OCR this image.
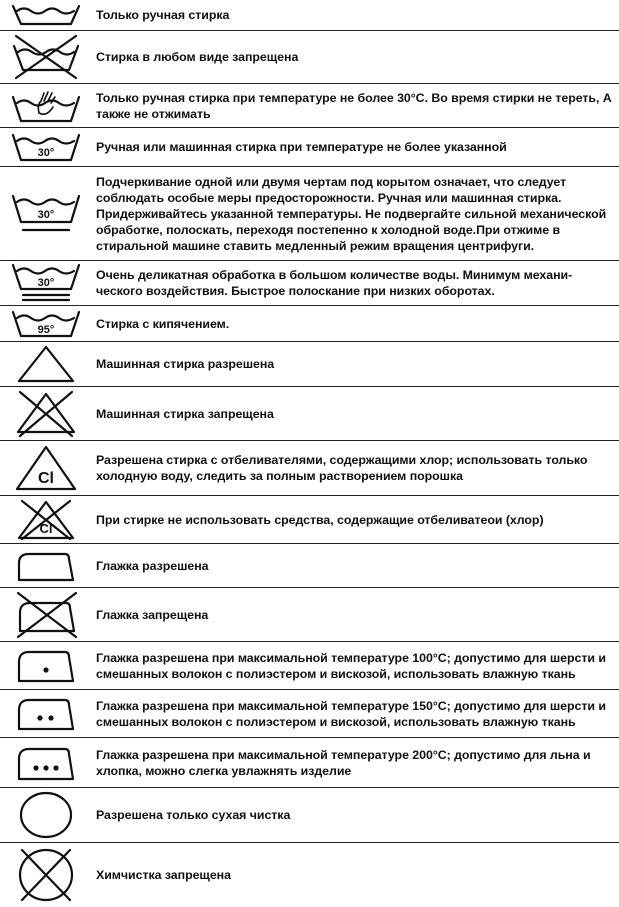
Только ручная стирка
Стирка в любом виде запрещена
Только ручная стирка при температуре не более 30°С. Во время стирки не тереть, А также не отжимать
30°	Ручная или машинная стирка при температуре не более указанной
30°
Подчеркивание одной или двумя чертам под корытом означает, что следует соблюдать особые меры предосторожности. Ручная или машинная стирка. Придерживайтесь указанной температуры. Не подвергайте сильной механической обработке, полоскать, переходя постепенно к холодной воде.При отжиме в стиральной машине ставить медленный режим вращения центрифуги.
30°
Очень деликатная обработка в большом количестве воды. Минимум механи-ческого воздействия. Быстрое полоскание при низких оборотах.
95°	Стирка с кипячением.
Машинная стирка разрешена
Машинная стирка запрещена
Cl
Разрешена стирка с отбеливателями, содержащими хлор; использовать только холодную воду, следить за полным растворением порошка
Cl
При стирке не использовать средства, содержащие отбеливатеои (хлор)
Глажка разрешена
Глажка запрещена
Глажка разрешена при максимальной температуре 100°С; допустимо для шерсти и смешанных волокон с полиэстером и вискозой, использовать влажную ткань
Глажка разрешена при максимальной температуре 150°С; допустимо для шерсти и смешанных волокон с полиэстером и вискозой, использовать влажную ткань
Глажка разрешена при максимальной температуре 200°С; допустимо для льна и хлопка, можно слегка увлажнять изделие
Разрешена только сухая чистка
Химчистка запрещена
